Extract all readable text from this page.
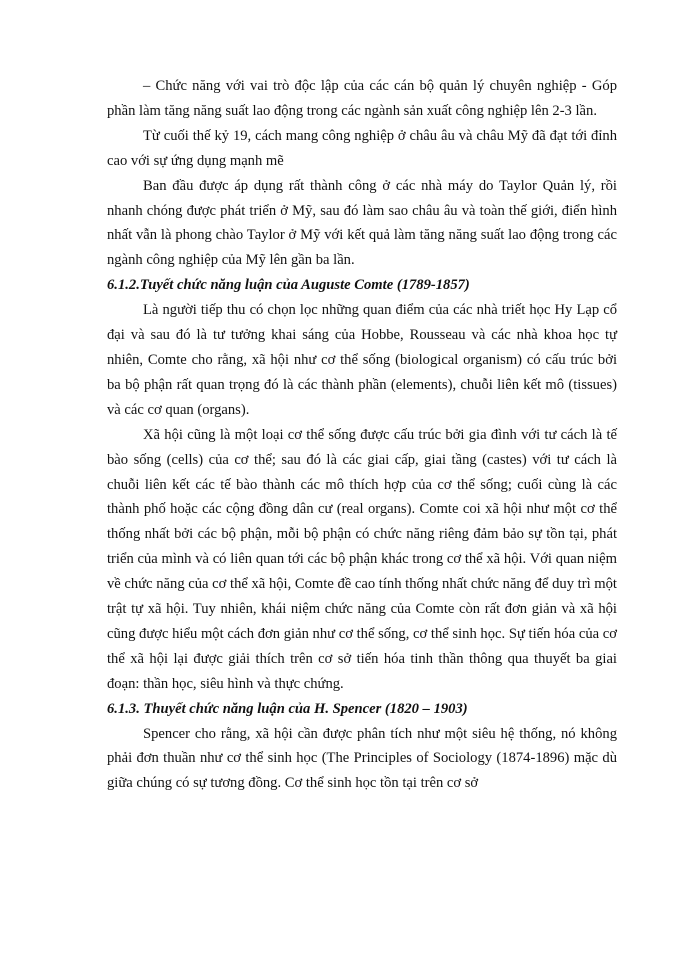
– Chức năng với vai trò độc lập của các cán bộ quản lý chuyên nghiệp - Góp phần làm tăng năng suất lao động trong các ngành sản xuất công nghiệp lên 2-3 lần.

Từ cuối thế kỷ 19, cách mang công nghiệp ở châu âu và châu Mỹ đã đạt tới đỉnh cao với sự ứng dụng mạnh mẽ

Ban đầu được áp dụng rất thành công ở các nhà máy do Taylor Quản lý, rồi nhanh chóng được phát triển ở Mỹ, sau đó làm sao châu âu và toàn thế giới, điển hình nhất vẫn là phong chào Taylor ở Mỹ với kết quả làm tăng năng suất lao động trong các ngành công nghiệp của Mỹ lên gần ba lần.

6.1.2.Tuyết chức năng luận của Auguste Comte (1789-1857)

Là người tiếp thu có chọn lọc những quan điểm của các nhà triết học Hy Lạp cổ đại và sau đó là tư tưởng khai sáng của Hobbe, Rousseau và các nhà khoa học tự nhiên, Comte cho rằng, xã hội như cơ thể sống (biological organism) có cấu trúc bởi ba bộ phận rất quan trọng đó là các thành phần (elements), chuỗi liên kết mô (tissues) và các cơ quan (organs).

Xã hội cũng là một loại cơ thể sống được cấu trúc bởi gia đình với tư cách là tế bào sống (cells) của cơ thể; sau đó là các giai cấp, giai tầng (castes) với tư cách là chuỗi liên kết các tế bào thành các mô thích hợp của cơ thể sống; cuối cùng là các thành phố hoặc các cộng đồng dân cư (real organs). Comte coi xã hội như một cơ thể thống nhất bởi các bộ phận, mỗi bộ phận có chức năng riêng đảm bảo sự tồn tại, phát triển của mình và có liên quan tới các bộ phận khác trong cơ thể xã hội. Với quan niệm về chức năng của cơ thể xã hội, Comte đề cao tính thống nhất chức năng để duy trì một trật tự xã hội. Tuy nhiên, khái niệm chức năng của Comte còn rất đơn giản và xã hội cũng được hiểu một cách đơn giản như cơ thể sống, cơ thể sinh học. Sự tiến hóa của cơ thể xã hội lại được giải thích trên cơ sở tiến hóa tinh thần thông qua thuyết ba giai đoạn: thần học, siêu hình và thực chứng.

6.1.3. Thuyết chức năng luận của H. Spencer (1820 – 1903)

Spencer cho rằng, xã hội cần được phân tích như một siêu hệ thống, nó không phải đơn thuần như cơ thể sinh học (The Principles of Sociology (1874-1896) mặc dù giữa chúng có sự tương đồng. Cơ thể sinh học tồn tại trên cơ sở
